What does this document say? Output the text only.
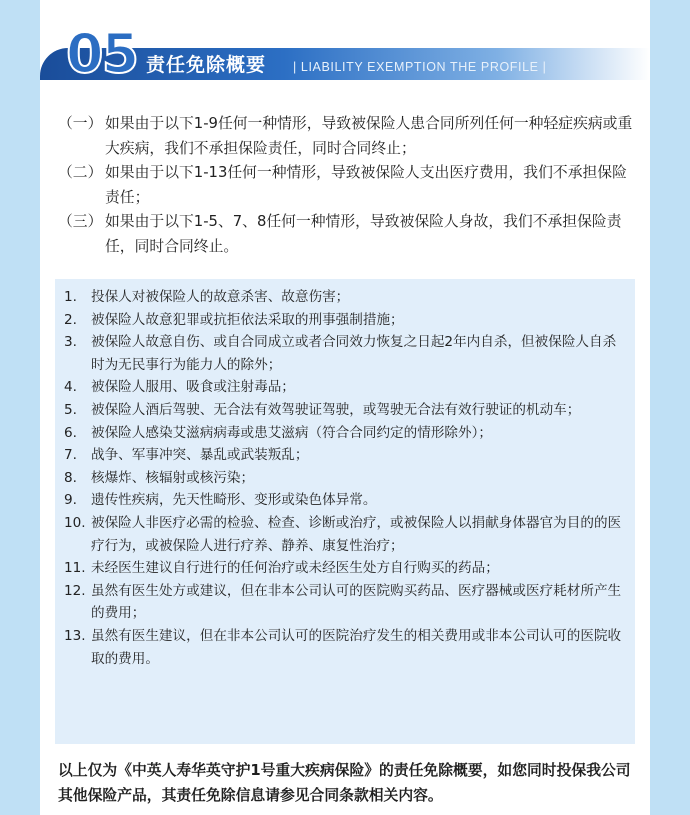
05 责任免除概要 | LIABILITY EXEMPTION THE PROFILE |
（一） 如果由于以下1-9任何一种情形，导致被保险人患合同所列任何一种轻症疾病或重大疾病，我们不承担保险责任，同时合同终止；
（二） 如果由于以下1-13任何一种情形，导致被保险人支出医疗费用，我们不承担保险责任；
（三） 如果由于以下1-5、7、8任何一种情形，导致被保险人身故，我们不承担保险责任，同时合同终止。
1.	投保人对被保险人的故意杀害、故意伤害；
2.	被保险人故意犯罪或抗拒依法采取的刑事强制措施；
3.	被保险人故意自伤、或自合同成立或者合同效力恢复之日起2年内自杀，但被保险人自杀时为无民事行为能力人的除外；
4.	被保险人服用、吸食或注射毒品；
5.	被保险人酒后驾驶、无合法有效驾驶证驾驶，或驾驶无合法有效行驶证的机动车；
6.	被保险人感染艾滋病病毒或患艾滋病（符合合同约定的情形除外）；
7.	战争、军事冲突、暴乱或武装叛乱；
8.	核爆炸、核辐射或核污染；
9.	遗传性疾病，先天性畸形、变形或染色体异常。
10. 被保险人非医疗必需的检验、检查、诊断或治疗，或被保险人以捐献身体器官为目的的医疗行为，或被保险人进行疗养、静养、康复性治疗；
11. 未经医生建议自行进行的任何治疗或未经医生处方自行购买的药品；
12. 虽然有医生处方或建议，但在非本公司认可的医院购买药品、医疗器械或医疗耗材所产生的费用；
13. 虽然有医生建议，但在非本公司认可的医院治疗发生的相关费用或非本公司认可的医院收取的费用。
以上仅为《中英人寿华英守护1号重大疾病保险》的责任免除概要，如您同时投保我公司其他保险产品，其责任免除信息请参见合同条款相关内容。
